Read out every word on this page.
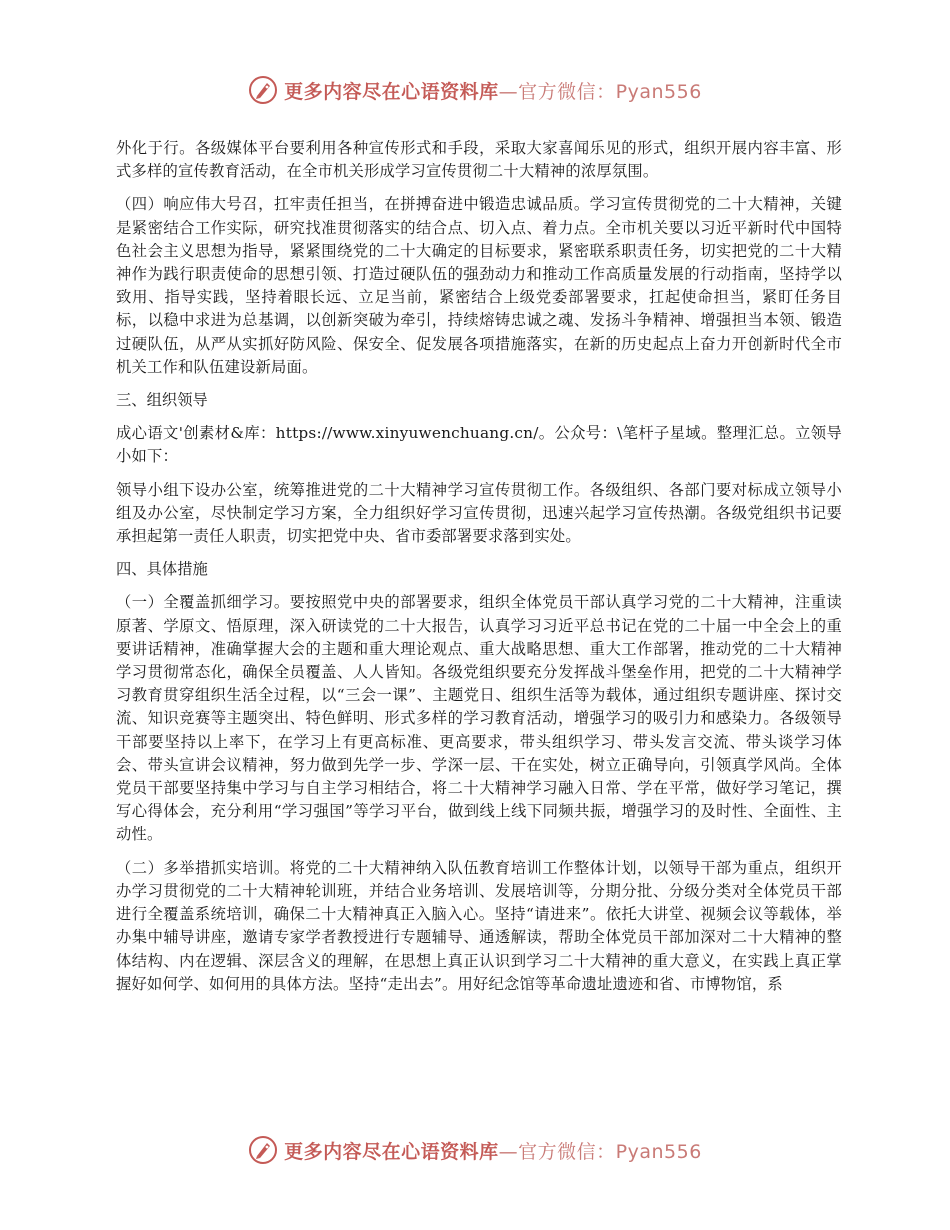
更多内容尽在心语资料库—官方微信：Pyan556

外化于行。各级媒体平台要利用各种宣传形式和手段，采取大家喜闻乐见的形式，组织开展内容丰富、形式多样的宣传教育活动，在全市机关形成学习宣传贯彻二十大精神的浓厚氛围。

（四）响应伟大号召，扛牢责任担当，在拼搏奋进中锻造忠诚品质。学习宣传贯彻党的二十大精神，关键是紧密结合工作实际，研究找准贯彻落实的结合点、切入点、着力点。全市机关要以习近平新时代中国特色社会主义思想为指导，紧紧围绕党的二十大确定的目标要求，紧密联系职责任务，切实把党的二十大精神作为践行职责使命的思想引领、打造过硬队伍的强劲动力和推动工作高质量发展的行动指南，坚持学以致用、指导实践，坚持着眼长远、立足当前，紧密结合上级党委部署要求，扛起使命担当，紧盯任务目标，以稳中求进为总基调，以创新突破为牵引，持续熔铸忠诚之魂、发扬斗争精神、增强担当本领、锻造过硬队伍，从严从实抓好防风险、保安全、促发展各项措施落实，在新的历史起点上奋力开创新时代全市机关工作和队伍建设新局面。

三、组织领导

成心语文'创素材&库：https://www.xinyuwenchuang.cn/。公众号：\笔杆子星域。整理汇总。立领导小如下：

领导小组下设办公室，统筹推进党的二十大精神学习宣传贯彻工作。各级组织、各部门要对标成立领导小组及办公室，尽快制定学习方案，全力组织好学习宣传贯彻，迅速兴起学习宣传热潮。各级党组织书记要承担起第一责任人职责，切实把党中央、省市委部署要求落到实处。

四、具体措施

（一）全覆盖抓细学习。要按照党中央的部署要求，组织全体党员干部认真学习党的二十大精神，注重读原著、学原文、悟原理，深入研读党的二十大报告，认真学习习近平总书记在党的二十届一中全会上的重要讲话精神，准确掌握大会的主题和重大理论观点、重大战略思想、重大工作部署，推动党的二十大精神学习贯彻常态化，确保全员覆盖、人人皆知。各级党组织要充分发挥战斗堡垒作用，把党的二十大精神学习教育贯穿组织生活全过程，以“三会一课”、主题党日、组织生活等为载体，通过组织专题讲座、探讨交流、知识竞赛等主题突出、特色鲜明、形式多样的学习教育活动，增强学习的吸引力和感染力。各级领导干部要坚持以上率下，在学习上有更高标准、更高要求，带头组织学习、带头发言交流、带头谈学习体会、带头宣讲会议精神，努力做到先学一步、学深一层、干在实处，树立正确导向，引领真学风尚。全体党员干部要坚持集中学习与自主学习相结合，将二十大精神学习融入日常、学在平常，做好学习笔记，撰写心得体会，充分利用“学习强国”等学习平台，做到线上线下同频共振，增强学习的及时性、全面性、主动性。

（二）多举措抓实培训。将党的二十大精神纳入队伍教育培训工作整体计划，以领导干部为重点，组织开办学习贯彻党的二十大精神轮训班，并结合业务培训、发展培训等，分期分批、分级分类对全体党员干部进行全覆盖系统培训，确保二十大精神真正入脑入心。坚持“请进来”。依托大讲堂、视频会议等载体，举办集中辅导讲座，邀请专家学者教授进行专题辅导、通透解读，帮助全体党员干部加深对二十大精神的整体结构、内在逻辑、深层含义的理解，在思想上真正认识到学习二十大精神的重大意义，在实践上真正掌握好如何学、如何用的具体方法。坚持“走出去”。用好纪念馆等革命遗址遗迹和省、市博物馆，系

更多内容尽在心语资料库—官方微信：Pyan556
